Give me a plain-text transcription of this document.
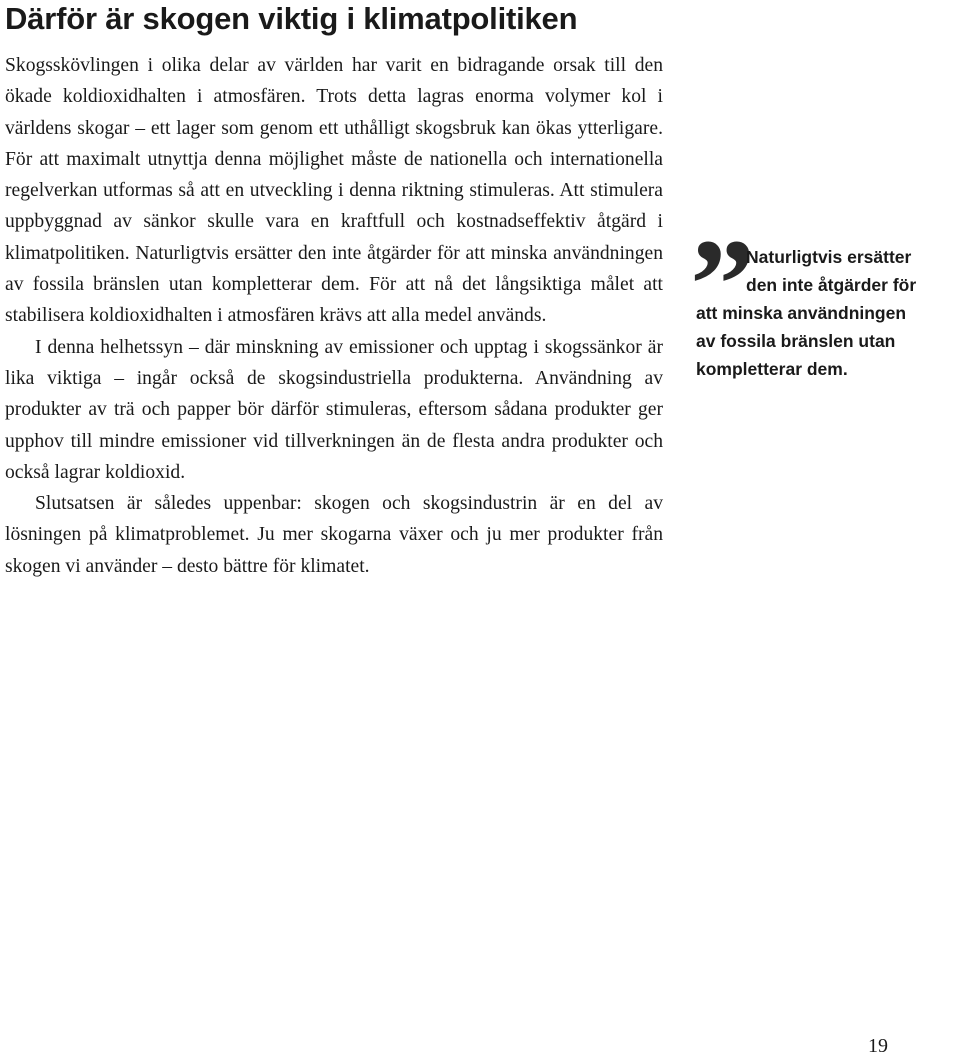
Därför är skogen viktig i klimatpolitiken

Skogsskövlingen i olika delar av världen har varit en bidragande orsak till den ökade koldioxidhalten i atmosfären. Trots detta lagras enorma volymer kol i världens skogar – ett lager som genom ett uthålligt skogsbruk kan ökas ytterligare. För att maximalt utnyttja denna möjlighet måste de nationella och internationella regelverkan utformas så att en utveckling i denna riktning stimuleras. Att stimulera uppbyggnad av sänkor skulle vara en kraftfull och kostnadseffektiv åtgärd i klimatpolitiken. Naturligtvis ersätter den inte åtgärder för att minska användningen av fossila bränslen utan kompletterar dem. För att nå det långsiktiga målet att stabilisera koldioxidhalten i atmosfären krävs att alla medel används.

I denna helhetssyn – där minskning av emissioner och upptag i skogssänkor är lika viktiga – ingår också de skogsindustriella produkterna. Användning av produkter av trä och papper bör därför stimuleras, eftersom sådana produkter ger upphov till mindre emissioner vid tillverkningen än de flesta andra produkter och också lagrar koldioxid.

Slutsatsen är således uppenbar: skogen och skogsindustrin är en del av lösningen på klimatproblemet. Ju mer skogarna växer och ju mer produkter från skogen vi använder – desto bättre för klimatet.

”
Naturligtvis ersätter
den inte åtgärder för
att minska användningen
av fossila bränslen utan
kompletterar dem.
19
